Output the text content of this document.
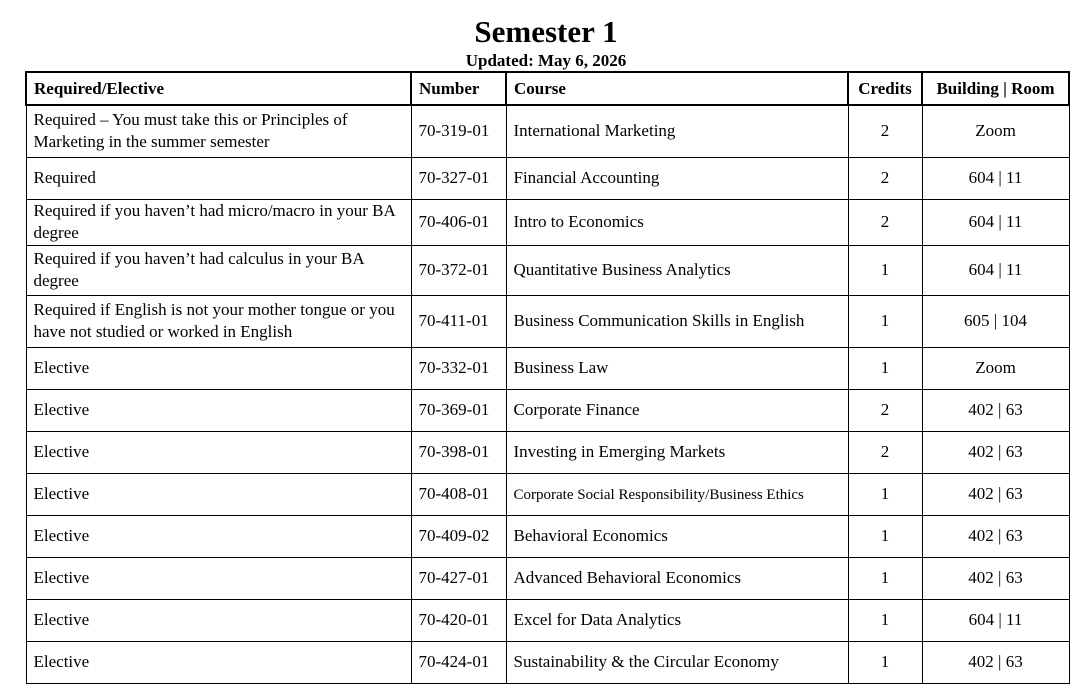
Semester 1
Updated: May 6, 2026
Required/Elective	Number	Course	Credits	Building | Room
Required – You must take this or Principles of Marketing in the summer semester	70-319-01	International Marketing	2	Zoom
Required	70-327-01	Financial Accounting	2	604 | 11
Required if you haven’t had micro/macro in your BA degree	70-406-01	Intro to Economics	2	604 | 11
Required if you haven’t had calculus in your BA degree	70-372-01	Quantitative Business Analytics	1	604 | 11
Required if English is not your mother tongue or you have not studied or worked in English	70-411-01	Business Communication Skills in English	1	605 | 104
Elective	70-332-01	Business Law	1	Zoom
Elective	70-369-01	Corporate Finance	2	402 | 63
Elective	70-398-01	Investing in Emerging Markets	2	402 | 63
Elective	70-408-01	Corporate Social Responsibility/Business Ethics	1	402 | 63
Elective	70-409-02	Behavioral Economics	1	402 | 63
Elective	70-427-01	Advanced Behavioral Economics	1	402 | 63
Elective	70-420-01	Excel for Data Analytics	1	604 | 11
Elective	70-424-01	Sustainability & the Circular Economy	1	402 | 63
